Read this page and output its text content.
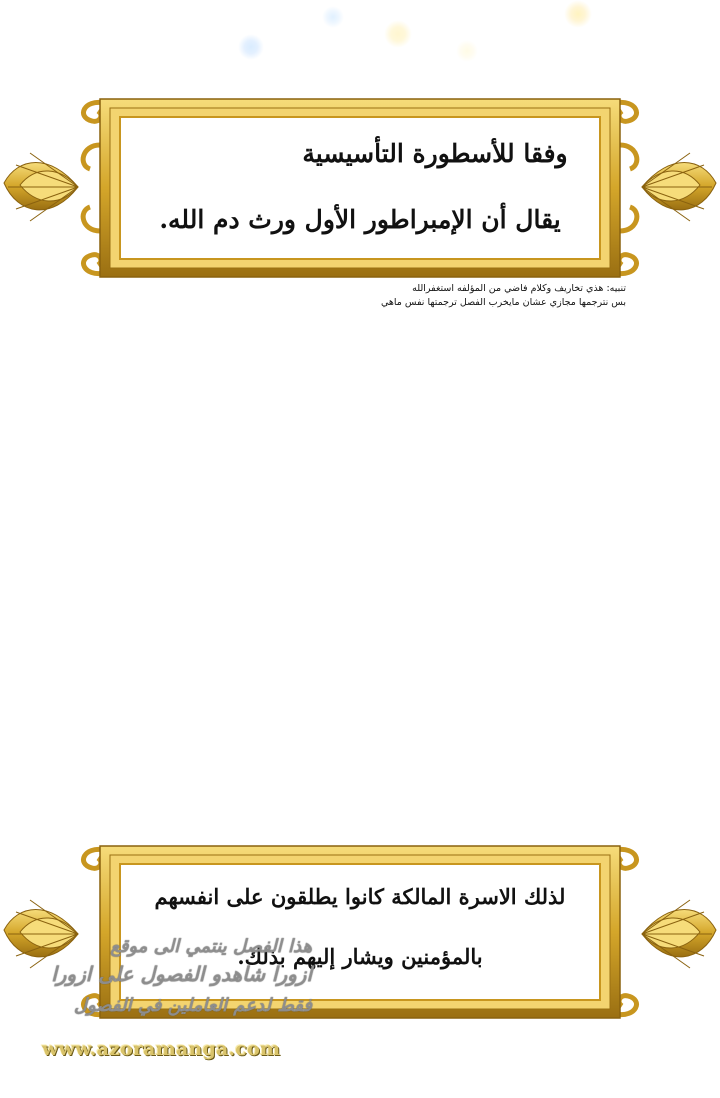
وفقا للأسطورة التأسيسية
يقال أن الإمبراطور الأول ورث دم الله.
تنبيه: هذي تخاريف وكلام فاضي من المؤلفه استغفرالله
بس نترجمها مجازي عشان مايخرب الفصل ترجمتها نفس ماهي
لذلك الاسرة المالكة كانوا يطلقون على انفسهم
بالمؤمنين ويشار إليهم بذلك.
هذا الفصل ينتمي الى موقع
ازورا شاهدو الفصول على ازورا
فقط لدعم العاملين في الفصول
www.azoramanga.com
